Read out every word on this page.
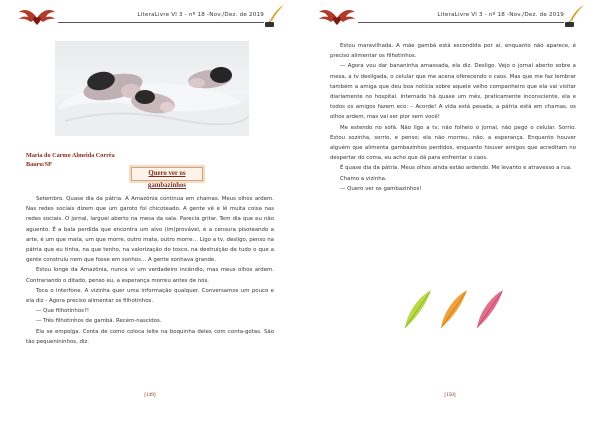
LiteraLivre Vl 3 - nº 18 -Nov./Dez. de 2019
Maria do Carmo Almeida Corrêa
Bauru/SP
Quero ver os gambazinhos

Setembro. Quase dia da pátria. A Amazônia continua em chamas. Meus olhos ardem. Nas redes sociais dizem que um garoto foi chicoteado. A gente vê e lê muita coisa nas redes sociais. O jornal, larguei aberto na mesa da sala. Parecia gritar. Tem dia que eu não aguento. É a bala perdida que encontra um alvo (im)provável, é a censura pisoteando a arte, é um que mata, um que morre, outro mata, outro morre… Ligo a tv, desligo, penso na pátria que eu tinha, na que tenho, na valorização do tosco, na destruição de tudo o que a gente construiu nem que fosse em sonhos… A gente sonhava grande.

Estou longe da Amazônia, nunca vi um verdadeiro incêndio, mas meus olhos ardem. Contrariando o ditado, penso eu, a esperança morreu antes de nós.

Toca o interfone. A vizinha quer uma informação qualquer. Conversamos um pouco e ela diz - Agora preciso alimentar os filhotinhos.

— Que filhotinhos?!

— Três filhotinhos de gambá. Recém-nascidos.

Ela se empolga. Conta de como coloca leite na boquinha deles com conta-gotas. São tão pequenininhos, diz.

[149]
LiteraLivre Vl 3 - nº 18 -Nov./Dez. de 2019

Estou maravilhada. A mãe gambá está escondida por aí, enquanto não aparece, é preciso alimentar os filhotinhos.

— Agora vou dar bananinha amassada, ela diz. Desligo. Vejo o jornal aberto sobre a mesa, a tv desligada, o celular que me acena oferecendo o caos. Mas que me faz lembrar também a amiga que deu boa notícia sobre aquele velho companheiro que ela vai visitar diariamente no hospital. Internado há quase um mês, praticamente inconsciente, ela e todos os amigos fazem eco: – Acorde! A vida está pesada, a pátria está em chamas, os olhos ardem, mas vai ser pior sem você!

Me estendo no sofá. Não ligo a tv, não folheio o jornal, não pego o celular. Sorrio. Estou sozinha, sorrio, e penso: ela não morreu, não, a esperança. Enquanto houver alguém que alimenta gambazinhos perdidos, enquanto houver amigos que acreditam no despertar do coma, eu acho que dá para enfrentar o caos.

É quase dia da pátria. Meus olhos ainda estão ardendo. Me levanto e atravesso a rua.

Chamo a vizinha.

— Quero ver os gambazinhos!

[150]
